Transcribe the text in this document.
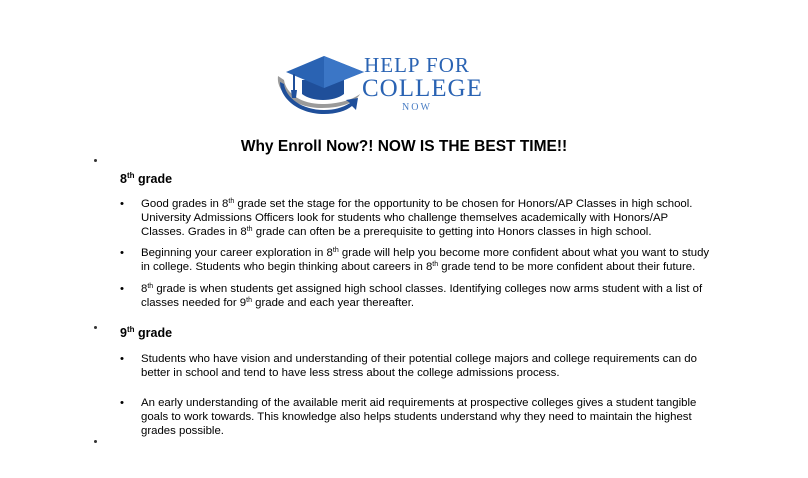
HELP FOR
COLLEGE
NOW
Why Enroll Now?! NOW IS THE BEST TIME!!
8th grade
• Good grades in 8th grade set the stage for the opportunity to be chosen for Honors/AP Classes in high school. University Admissions Officers look for students who challenge themselves academically with Honors/AP Classes. Grades in 8th grade can often be a prerequisite to getting into Honors classes in high school.
• Beginning your career exploration in 8th grade will help you become more confident about what you want to study in college. Students who begin thinking about careers in 8th grade tend to be more confident about their future.
• 8th grade is when students get assigned high school classes. Identifying colleges now arms student with a list of classes needed for 9th grade and each year thereafter.
9th grade
• Students who have vision and understanding of their potential college majors and college requirements can do better in school and tend to have less stress about the college admissions process.
• An early understanding of the available merit aid requirements at prospective colleges gives a student tangible goals to work towards. This knowledge also helps students understand why they need to maintain the highest grades possible.
